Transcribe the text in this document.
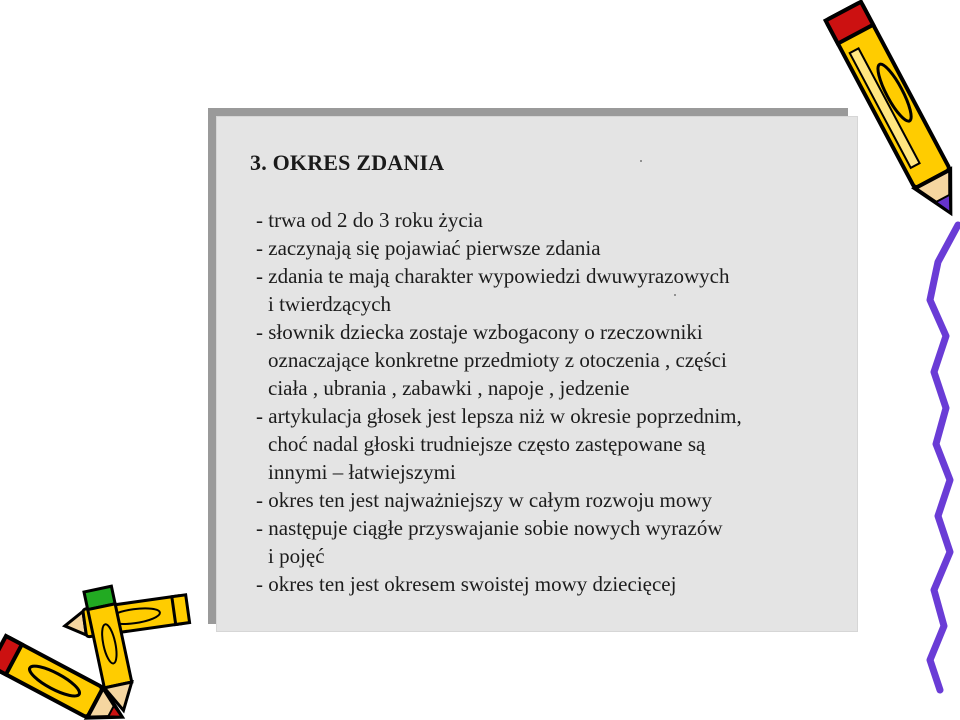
3. OKRES ZDANIA
- trwa od 2 do 3 roku życia
- zaczynają się pojawiać pierwsze zdania
- zdania te mają charakter wypowiedzi dwuwyrazowych
i twierdzących
- słownik dziecka zostaje wzbogacony o rzeczowniki
oznaczające konkretne przedmioty z otoczenia , części
ciała , ubrania , zabawki , napoje , jedzenie
- artykulacja głosek jest lepsza niż w okresie poprzednim,
choć nadal głoski trudniejsze często zastępowane są
innymi – łatwiejszymi
- okres ten jest najważniejszy w całym rozwoju mowy
- następuje ciągłe przyswajanie sobie nowych wyrazów
i pojęć
- okres ten jest okresem swoistej mowy dziecięcej
